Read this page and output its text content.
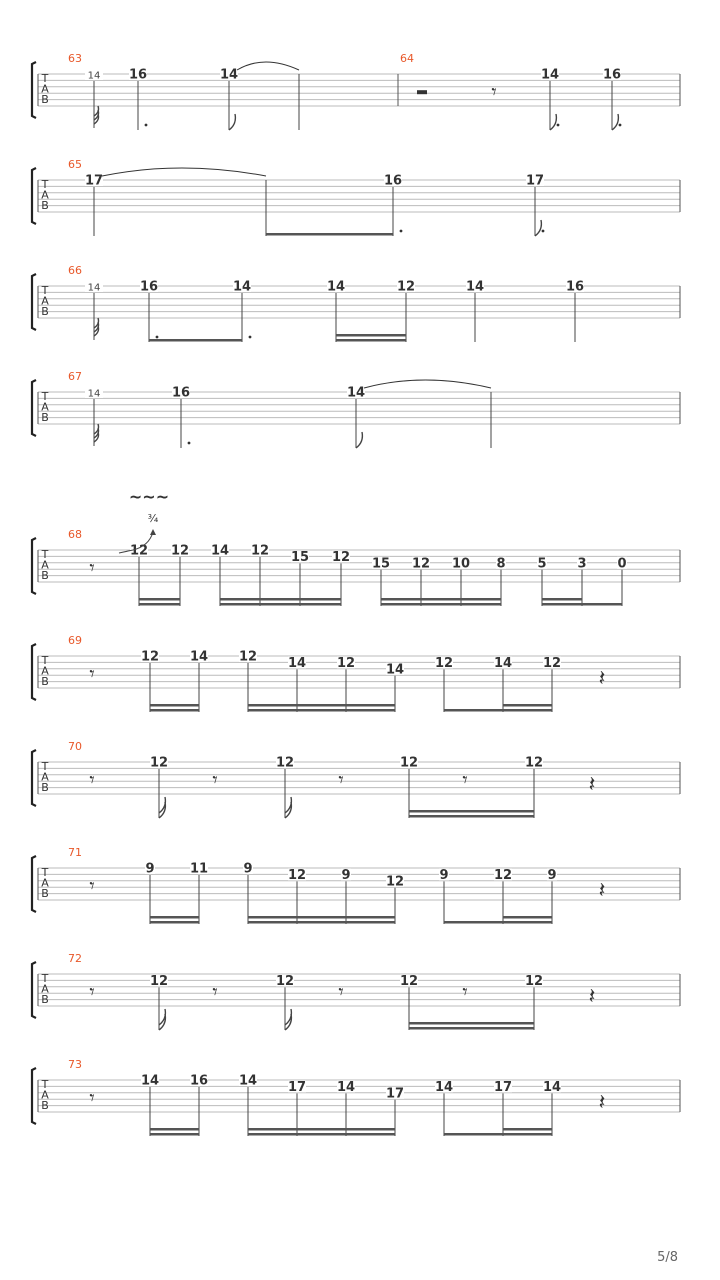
T
A
B
63
14 16	14
64
𝄾
14	16
T
A
B
65
17	16	17
T
A
B
66
14	16	14	14	12	14	16
T
A
B
67
14	16	14
T
A
B
68
𝄾
12 12 14 12 15 12 15 12 10 8 5 3 0
~~~
¾
T
A
B
69
𝄾
12 14 12 14 12 14 12	14 12
𝄽
T
A
B
70
𝄾
12
𝄾
12
𝄾
12
𝄾
12
𝄽
T
A
B
71
𝄾
9	11	9	12	9	12	9	12	9
𝄽
T
A
B
72
𝄾	12 𝄾	12 𝄾	12 𝄾	12
𝄽
T
A
B
73
𝄾
14 16 14 17 14 17 14	17 14
𝄽
5/8
